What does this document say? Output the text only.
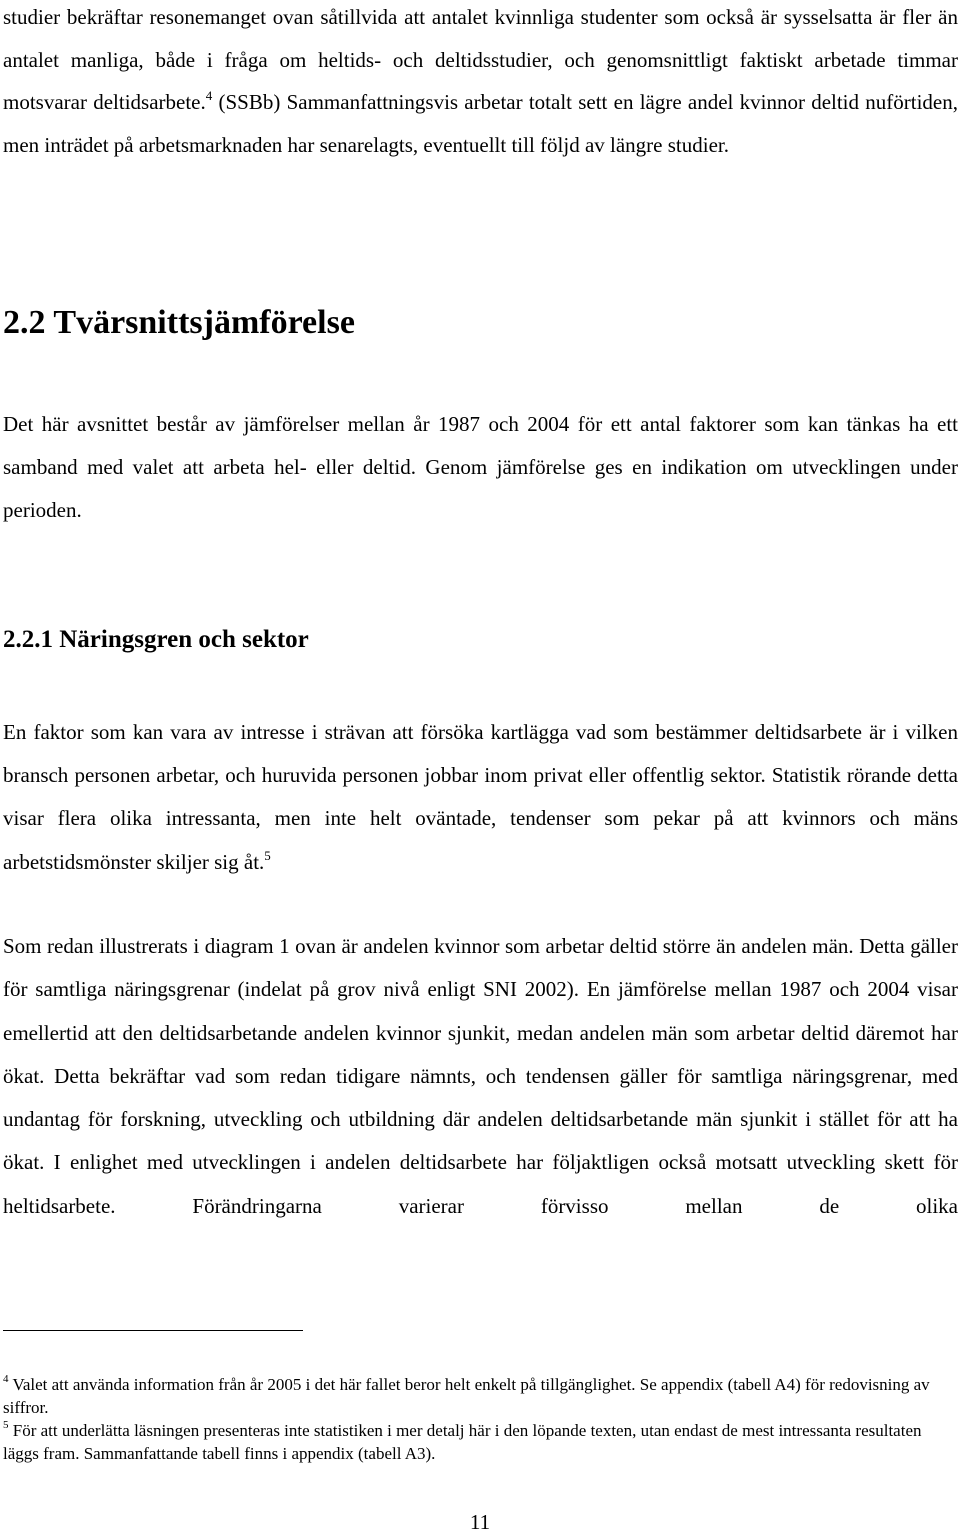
studier bekräftar resonemanget ovan såtillvida att antalet kvinnliga studenter som också är sysselsatta är fler än antalet manliga, både i fråga om heltids- och deltidsstudier, och genomsnittligt faktiskt arbetade timmar motsvarar deltidsarbete.$^4$ (SSBb) Sammanfattningsvis arbetar totalt sett en lägre andel kvinnor deltid nuförtiden, men inträdet på arbetsmarknaden har senarelagts, eventuellt till följd av längre studier.

2.2 Tvärsnittsjämförelse

Det här avsnittet består av jämförelser mellan år 1987 och 2004 för ett antal faktorer som kan tänkas ha ett samband med valet att arbeta hel- eller deltid. Genom jämförelse ges en indikation om utvecklingen under perioden.

2.2.1 Näringsgren och sektor

En faktor som kan vara av intresse i strävan att försöka kartlägga vad som bestämmer deltidsarbete är i vilken bransch personen arbetar, och huruvida personen jobbar inom privat eller offentlig sektor. Statistik rörande detta visar flera olika intressanta, men inte helt oväntade, tendenser som pekar på att kvinnors och mäns arbetstidsmönster skiljer sig åt.$^5$

Som redan illustrerats i diagram 1 ovan är andelen kvinnor som arbetar deltid större än andelen män. Detta gäller för samtliga näringsgrenar (indelat på grov nivå enligt SNI 2002). En jämförelse mellan 1987 och 2004 visar emellertid att den deltidsarbetande andelen kvinnor sjunkit, medan andelen män som arbetar deltid däremot har ökat. Detta bekräftar vad som redan tidigare nämnts, och tendensen gäller för samtliga näringsgrenar, med undantag för forskning, utveckling och utbildning där andelen deltidsarbetande män sjunkit i stället för att ha ökat. I enlighet med utvecklingen i andelen deltidsarbete har följaktligen också motsatt utveckling skett för heltidsarbete. Förändringarna varierar förvisso mellan de olika

$^4$ Valet att använda information från år 2005 i det här fallet beror helt enkelt på tillgänglighet. Se appendix (tabell A4) för redovisning av siffror.

$^5$ För att underlätta läsningen presenteras inte statistiken i mer detalj här i den löpande texten, utan endast de mest intressanta resultaten läggs fram. Sammanfattande tabell finns i appendix (tabell A3).

11
